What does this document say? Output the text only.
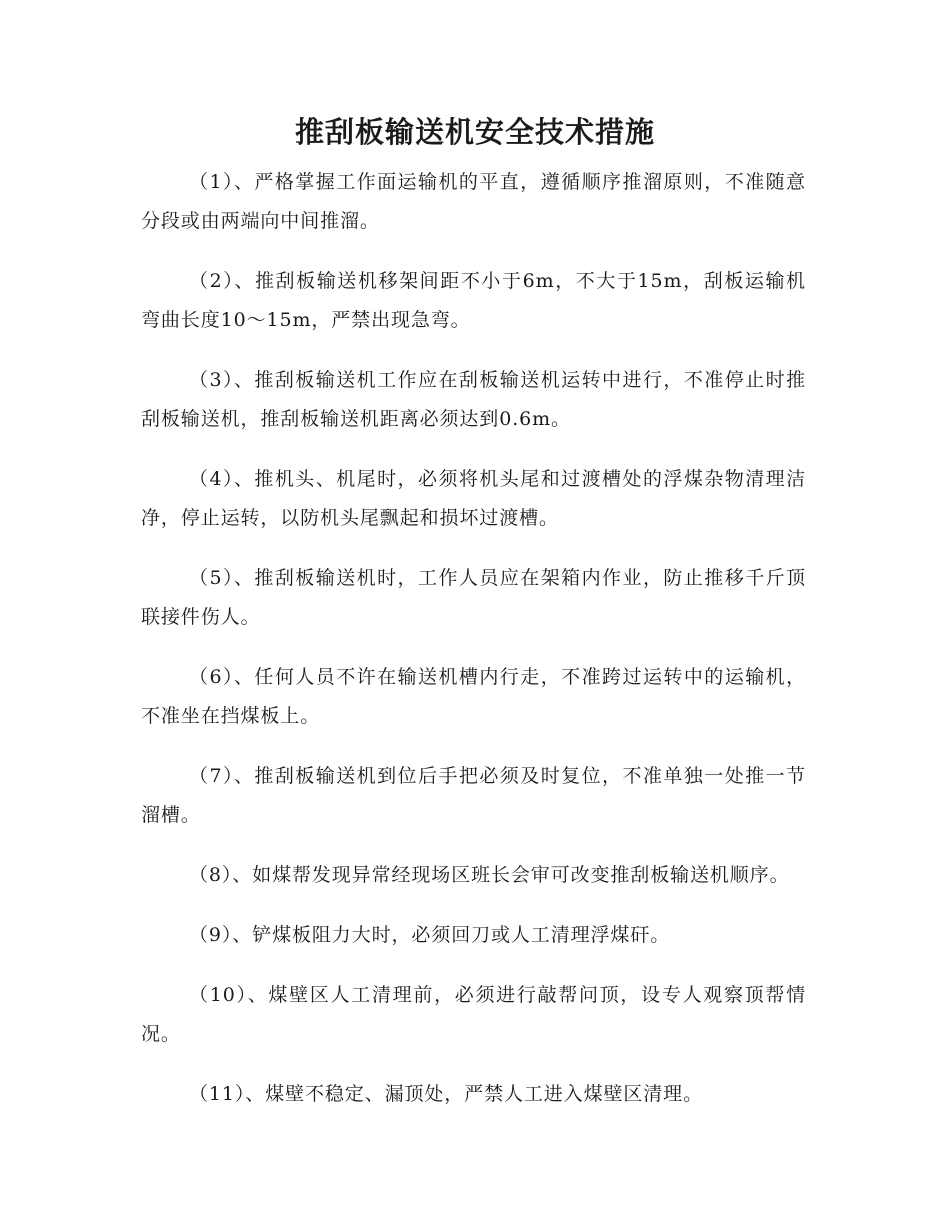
推刮板输送机安全技术措施

（1）、严格掌握工作面运输机的平直，遵循顺序推溜原则，不准随意分段或由两端向中间推溜。

（2）、推刮板输送机移架间距不小于6m，不大于15m，刮板运输机弯曲长度10～15m，严禁出现急弯。

（3）、推刮板输送机工作应在刮板输送机运转中进行，不准停止时推刮板输送机，推刮板输送机距离必须达到0.6m。

（4）、推机头、机尾时，必须将机头尾和过渡槽处的浮煤杂物清理洁净，停止运转，以防机头尾飘起和损坏过渡槽。

（5）、推刮板输送机时，工作人员应在架箱内作业，防止推移千斤顶联接件伤人。

（6）、任何人员不许在输送机槽内行走，不准跨过运转中的运输机，不准坐在挡煤板上。

（7）、推刮板输送机到位后手把必须及时复位，不准单独一处推一节溜槽。

（8）、如煤帮发现异常经现场区班长会审可改变推刮板输送机顺序。

（9）、铲煤板阻力大时，必须回刀或人工清理浮煤矸。

（10）、煤壁区人工清理前，必须进行敲帮问顶，设专人观察顶帮情况。

（11）、煤壁不稳定、漏顶处，严禁人工进入煤壁区清理。
